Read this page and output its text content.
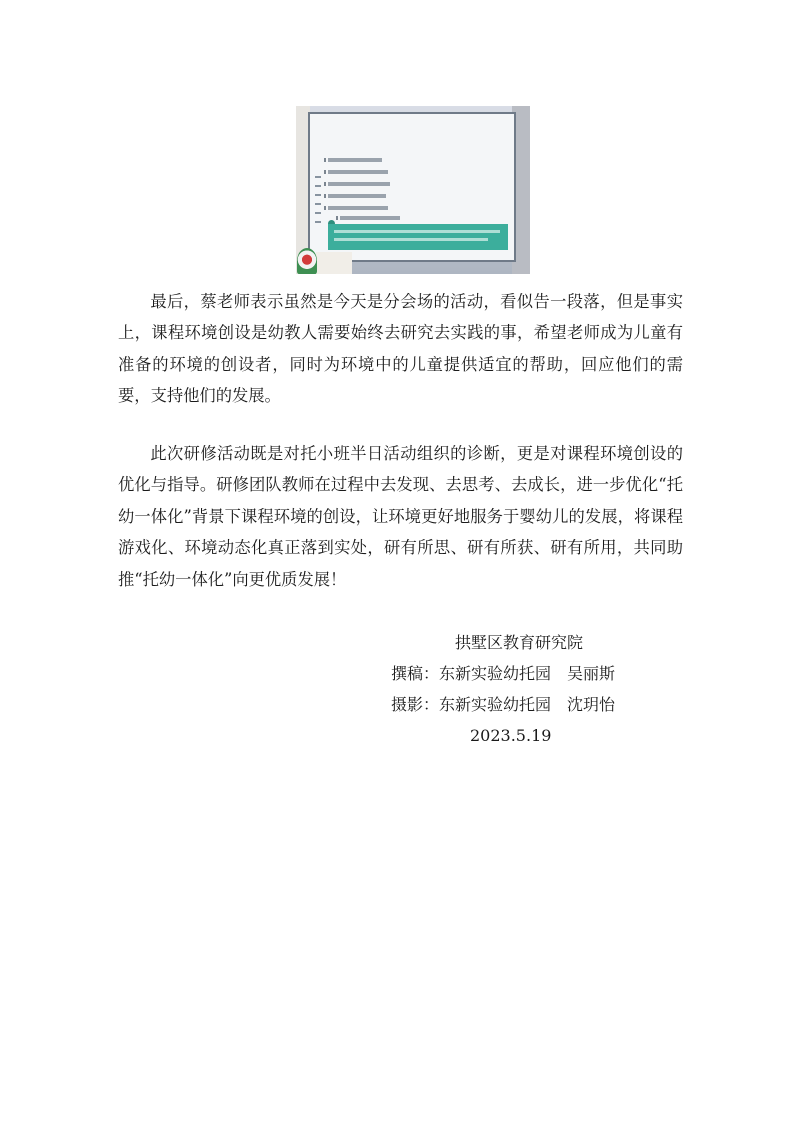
最后，蔡老师表示虽然是今天是分会场的活动，看似告一段落，但是事实上，课程环境创设是幼教人需要始终去研究去实践的事，希望老师成为儿童有准备的环境的创设者，同时为环境中的儿童提供适宜的帮助，回应他们的需要，支持他们的发展。

此次研修活动既是对托小班半日活动组织的诊断，更是对课程环境创设的优化与指导。研修团队教师在过程中去发现、去思考、去成长，进一步优化“托幼一体化”背景下课程环境的创设，让环境更好地服务于婴幼儿的发展，将课程游戏化、环境动态化真正落到实处，研有所思、研有所获、研有所用，共同助推“托幼一体化”向更优质发展！

拱墅区教育研究院
撰稿：东新实验幼托园　吴丽斯
摄影：东新实验幼托园　沈玥怡
2023.5.19
